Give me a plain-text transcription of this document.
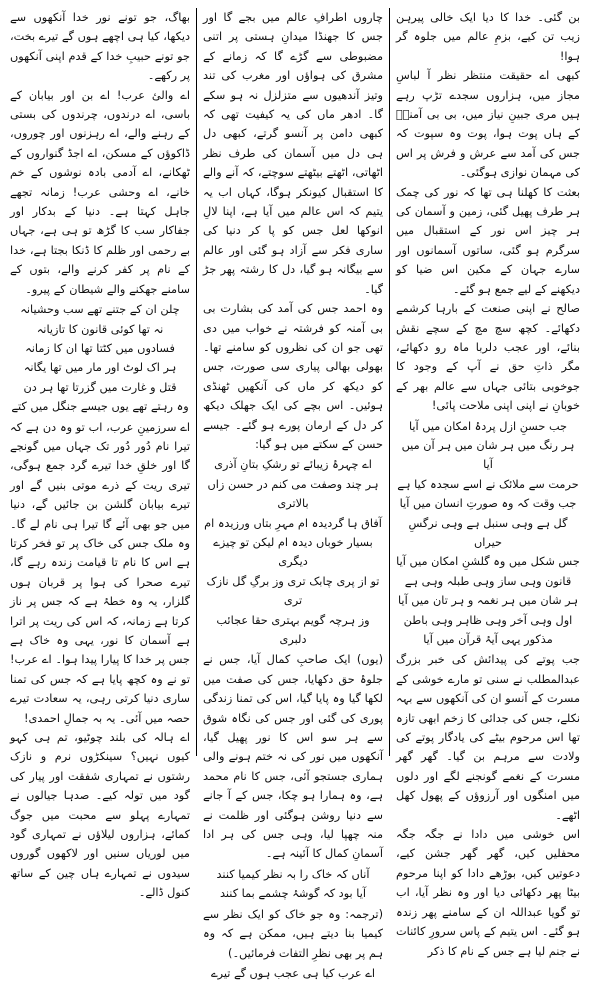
بن گئی۔ خدا کا دیا ایک خالی پیرہن زیب تن کیے، بزمِ عالم میں جلوہ گر ہوا!

کبھی اے حقیقت منتظر نظر آ لباسِ مجاز میں، ہزاروں سجدے تڑپ رہے ہیں مری جبینِ نیاز میں، بی بی آمنہؓ کے ہاں پوت ہوا، پوت وہ سپوت کہ جس کی آمد سے عرش و فرش پر اس کی مہمان نوازی ہوگئی۔

بعثت کا کھلنا ہی تھا کہ نور کی چمک ہر طرف پھیل گئی، زمین و آسمان کی ہر چیز اس نور کے استقبال میں سرگرم ہو گئی، ساتوں آسمانوں اور سارے جہان کے مکین اس ضیا کو دیکھنے کے لیے جمع ہو گئے۔

صالح نے اپنی صنعت کے بارہا کرشمے دکھائے۔ کچھ سچ مچ کے سچے نقش بنائے، اور عجب دلربا ماہ رو دکھائے، مگر ذاتِ حق نے آپ کے وجود کا جوخوبی بتائی جہاں سے عالم بھر کے خوبانِ نے اپنی اپنی ملاحت پائی!

جب حسنِ ازل پردۂ امکان میں آیا
ہر رنگ میں ہر شان میں ہر آن میں آیا
حرمت سے ملائک نے اسے سجدہ کیا ہے
جب وقت کہ وہ صورتِ انسان میں آیا
گل ہے وہی سنبل ہے وہی نرگسِ حیراں
جس شکل میں وہ گلشنِ امکان میں آیا
قانون وہی ساز وہی طبلہ وہی ہے
ہر شان میں ہر نغمہ و ہر تان میں آیا
اول وہی آخر وہی ظاہر وہی باطن
مذکور یہی آیۂ قرآن میں آیا

جب پوتے کی پیدائش کی خبر بزرگ عبدالمطلب نے سنی تو مارے خوشی کے مسرت کے آنسو ان کی آنکھوں سے بہہ نکلے، جس کی جدائی کا زخم ابھی تازہ تھا اس مرحوم بیٹے کی یادگار پوتے کی ولادت سے مرہم بن گیا۔ گھر گھر مسرت کے نغمے گونجنے لگے اور دلوں میں امنگوں اور آرزوؤں کے پھول کھل اٹھے۔

اس خوشی میں دادا نے جگہ جگہ محفلیں کیں، گھر گھر جشن کیے، دعوتیں کیں، بوڑھے دادا کو اپنا مرحوم بیٹا پھر دکھائی دیا اور وہ نظر آیا، اب تو گویا عبداللہ ان کے سامنے پھر زندہ ہو گئے۔ اس یتیم کے پاس سرورِ کائنات نے جنم لیا ہے جس کے نام کا ذکر

چاروں اطرافِ عالم میں بجے گا اور جس کا جھنڈا میدانِ ہستی پر اتنی مضبوطی سے گڑے گا کہ زمانے کے مشرق کی ہواؤں اور مغرب کی تند وتیز آندھیوں سے متزلزل نہ ہو سکے گا۔ ادھر ماں کی یہ کیفیت تھی کہ کبھی دامن پر آنسو گرتے، کبھی دل ہی دل میں آسمان کی طرف نظر اٹھاتی، اٹھتے بیٹھتے سوچتے، کہ آنے والے کا استقبال کیونکر ہوگا، کہاں اب یہ یتیم کہ اس عالم میں آیا ہے، اپنا لالِ انوکھا لعل جس کو پا کر دنیا کی ساری فکر سے آزاد ہو گئی اور عالم سے بیگانہ ہو گیا، دل کا رشتہ پھر جڑ گیا۔

وہ احمد جس کی آمد کی بشارت بی بی آمنہ کو فرشتہ نے خواب میں دی تھی جو ان کی نظروں کو سامنے تھا۔ بھولی بھالی پیاری سی صورت، جس کو دیکھ کر ماں کی آنکھیں ٹھنڈی ہوئیں۔ اس بچے کی ایک جھلک دیکھ کر دل کے ارمان پورے ہو گئے۔ جیسے حسن کے سکتے میں ہو گیا:

اے چہرۂ زیبائے تو رشکِ بتانِ آذری
ہر چند وصفت می کنم در حسن زاں بالاتری
آفاق ہا گردیدہ ام مہرِ بتاں ورزیدہ ام
بسیار خوباں دیدہ ام لیکن تو چیزے دیگری
تو از پری چابک تری وز برگِ گل نازک تری
وز ہرچہ گویم بہتری حقا عجائب دلبری

(یوں) ایک صاحبِ کمال آیا، جس نے جلوۂ حق دکھایا، جس کی صفت میں لکھا گیا وہ پایا گیا، اس کی تمنا زندگی پوری کی گئی اور جس کی نگاہ شوق سے ہر سو اس کا نور پھیل گیا، آنکھوں میں نور کی نہ ختم ہونے والی ہماری جستجو آئی، جس کا نام محمد ہے، وہ ہمارا ہو چکا، جس کے آ جانے سے دنیا روشن ہوگئی اور ظلمت نے منہ چھپا لیا، وہی جس کی ہر ادا آسمانِ کمال کا آئینہ ہے۔

آناں کہ خاک را بہ نظر کیمیا کنند
آیا بود کہ گوشۂ چشمے بما کنند

(ترجمہ: وہ جو خاک کو ایک نظر سے کیمیا بنا دیتے ہیں، ممکن ہے کہ وہ ہم پر بھی نظرِ التفات فرمائیں۔)

اے عرب کیا ہی عجب ہوں گے تیرے

بھاگ، جو تونے نور خدا آنکھوں سے دیکھا، کیا ہی اچھے ہوں گے تیرے بخت، جو تونے حبیبِ خدا کے قدم اپنی آنکھوں پر رکھے۔

اے والئ عرب! اے بن اور بیابان کے باسی، اے درندوں، چرندوں کی بستی کے رہنے والے، اے رہزنوں اور چوروں، ڈاکوؤں کے مسکن، اے اجڈ گنواروں کے ٹھکانے، اے آدمی بادہ نوشوں کے خم خانے، اے وحشی عرب! زمانہ تجھے جاہل کہتا ہے۔ دنیا کے بدکار اور جفاکار سب کا گڑھ تو ہی ہے، جہاں بے رحمی اور ظلم کا ڈنکا بجتا ہے، خدا کے نام پر کفر کرنے والے، بتوں کے سامنے جھکنے والے شیطان کے پیرو۔

چلن ان کے جتنے تھے سب وحشیانہ
نہ تھا کوئی قانون کا تازیانہ
فسادوں میں کٹتا تھا ان کا زمانہ
ہر اک لوٹ اور مار میں تھا یگانہ
قتل و غارت میں گزرتا تھا ہر دن
وہ رہتے تھے یوں جیسے جنگل میں کتے

اے سرزمینِ عرب، اب تو وہ دن ہے کہ تیرا نام دُور دُور تک جہاں میں گونجے گا اور خلقِ خدا تیرے گرد جمع ہوگی، تیری ریت کے ذرے موتی بنیں گے اور تیرے بیابان گلشن بن جائیں گے، دنیا میں جو بھی آئے گا تیرا ہی نام لے گا۔ وہ ملک جس کی خاک پر تو فخر کرتا ہے اس کا نام تا قیامت زندہ رہے گا، تیرے صحرا کی ہوا پر قربان ہوں گلزار، یہ وہ خطۂ ہے کہ جس پر ناز کرتا ہے زمانہ، کہ اس کی ریت پر اترا ہے آسمان کا نور، یہی وہ خاک ہے جس پر خدا کا پیارا پیدا ہوا۔ اے عرب! تو نے وہ کچھ پایا ہے کہ جس کی تمنا ساری دنیا کرتی رہی، یہ سعادت تیرے حصہ میں آئی۔ یہ بہ جمالِ احمدی!

اے ہالہ کی بلند چوٹیو، تم ہی کہو کیوں نہیں؟ سینکڑوں نرم و نازک رشتوں نے تمہاری شفقت اور پیار کی گود میں تولہ کیے۔ صدہا جیالوں نے تمہارے پہلو سے محبت میں جوگ کمائے، ہزاروں لیلاؤں نے تمہاری گود میں لوریاں سنیں اور لاکھوں گوروں سیدوں نے تمہارے ہاں چین کے ساتھ کنول ڈالے۔
